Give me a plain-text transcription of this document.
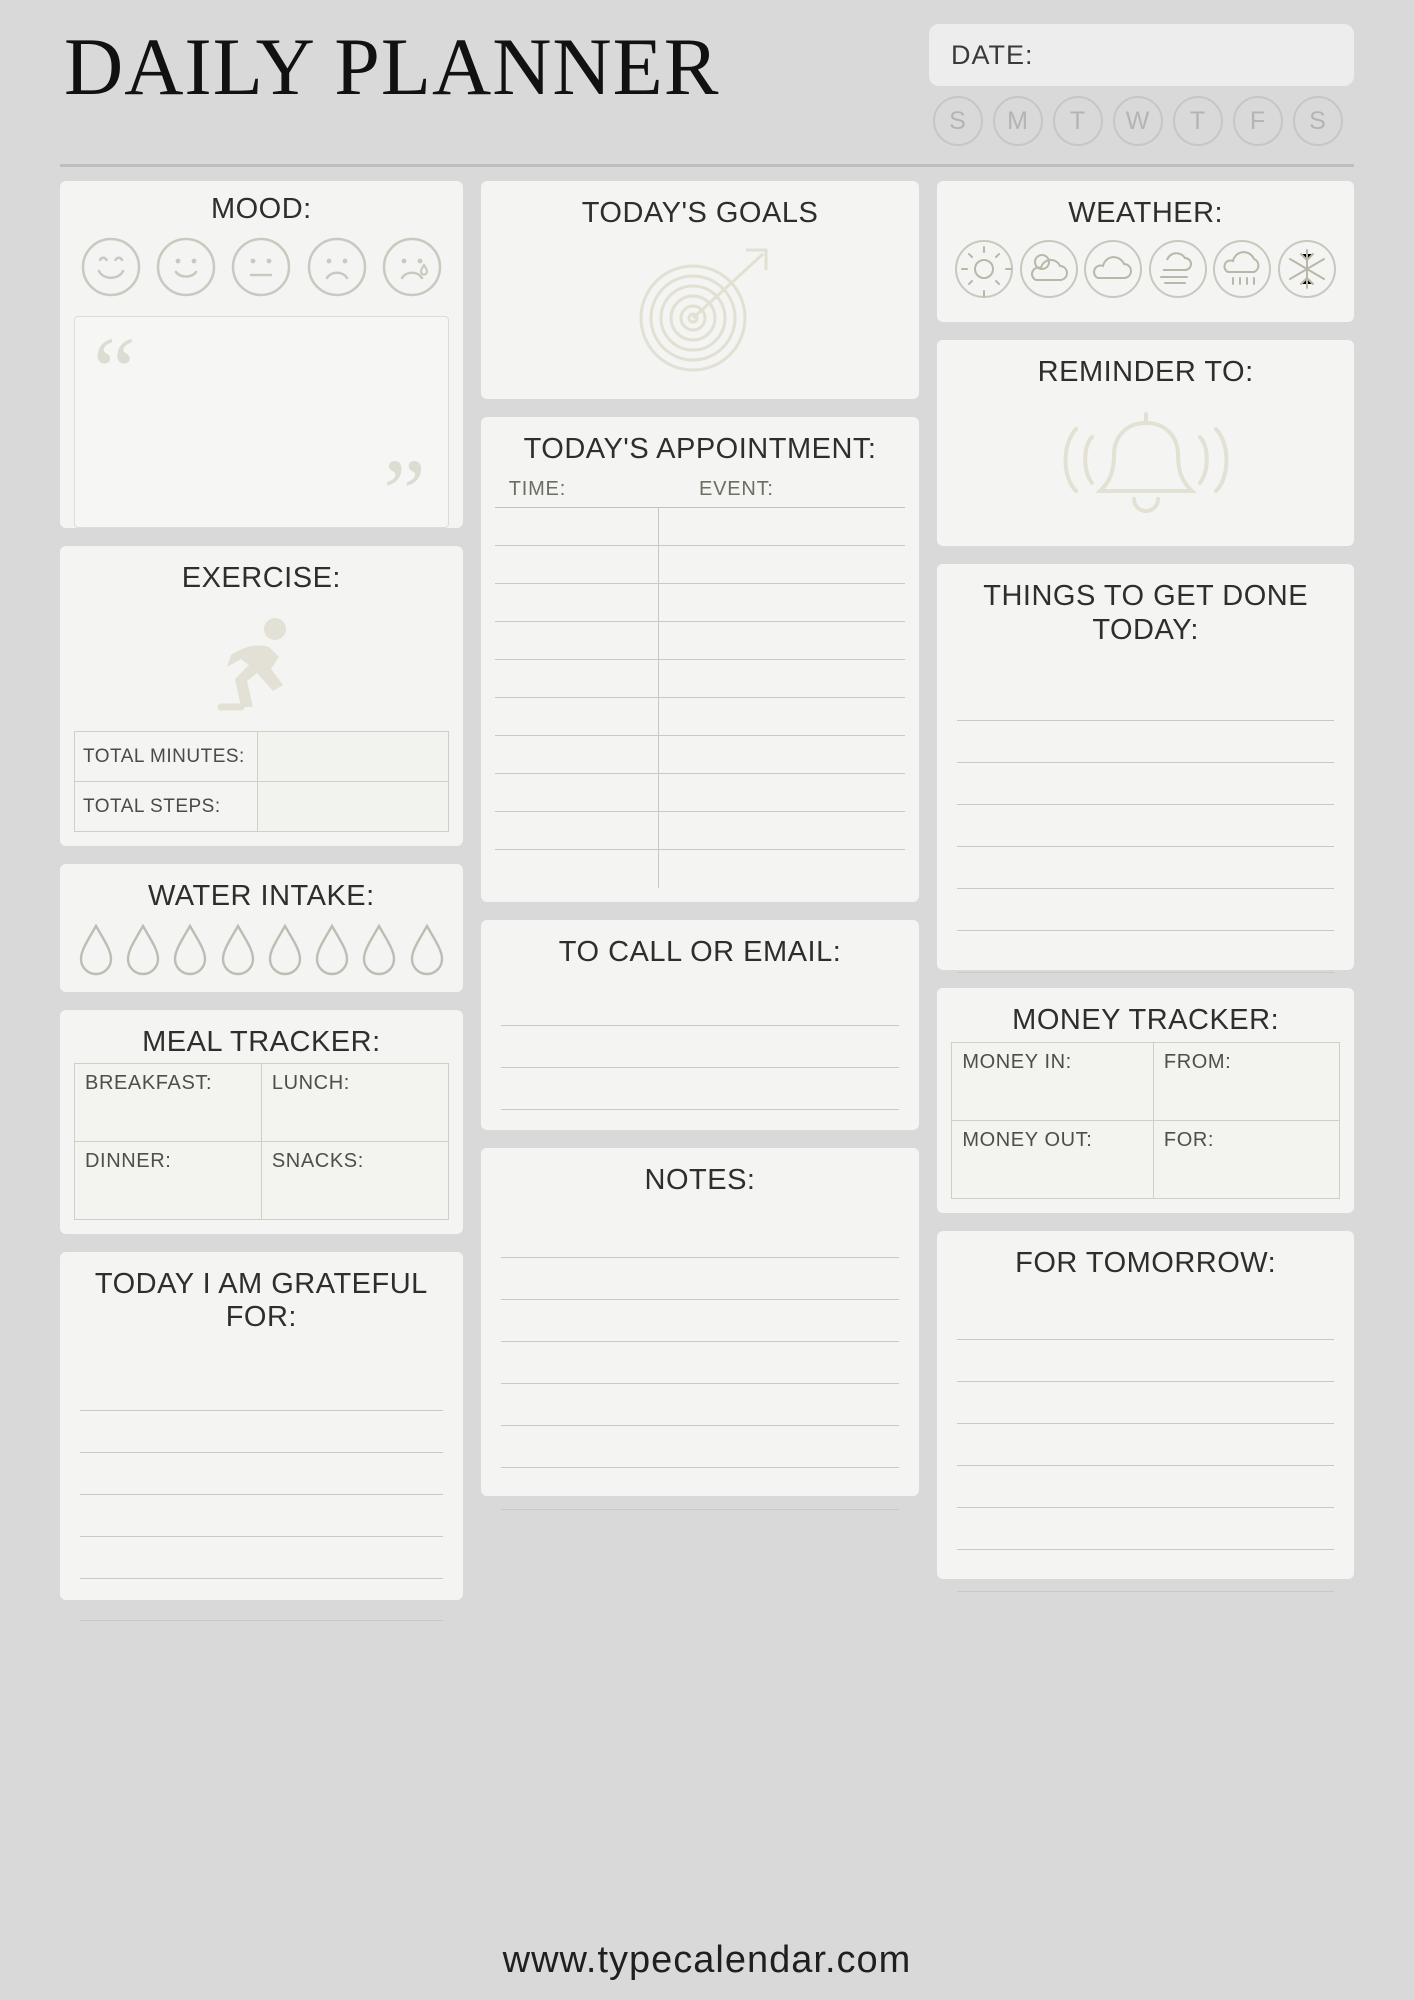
DAILY PLANNER	DATE:
S	M	T	W	T	F	S
MOOD:
“
”
EXERCISE:
TOTAL MINUTES:	
TOTAL STEPS:	
WATER INTAKE:
MEAL TRACKER:
BREAKFAST:	LUNCH:
DINNER:	SNACKS:
TODAY I AM GRATEFUL FOR:
TODAY'S GOALS
TODAY'S APPOINTMENT:
TIME:	EVENT:
TO CALL OR EMAIL:
NOTES:
WEATHER:
REMINDER TO:
THINGS TO GET DONE TODAY:
MONEY TRACKER:
MONEY IN:	FROM:
MONEY OUT:	FOR:
FOR TOMORROW:
www.typecalendar.com
